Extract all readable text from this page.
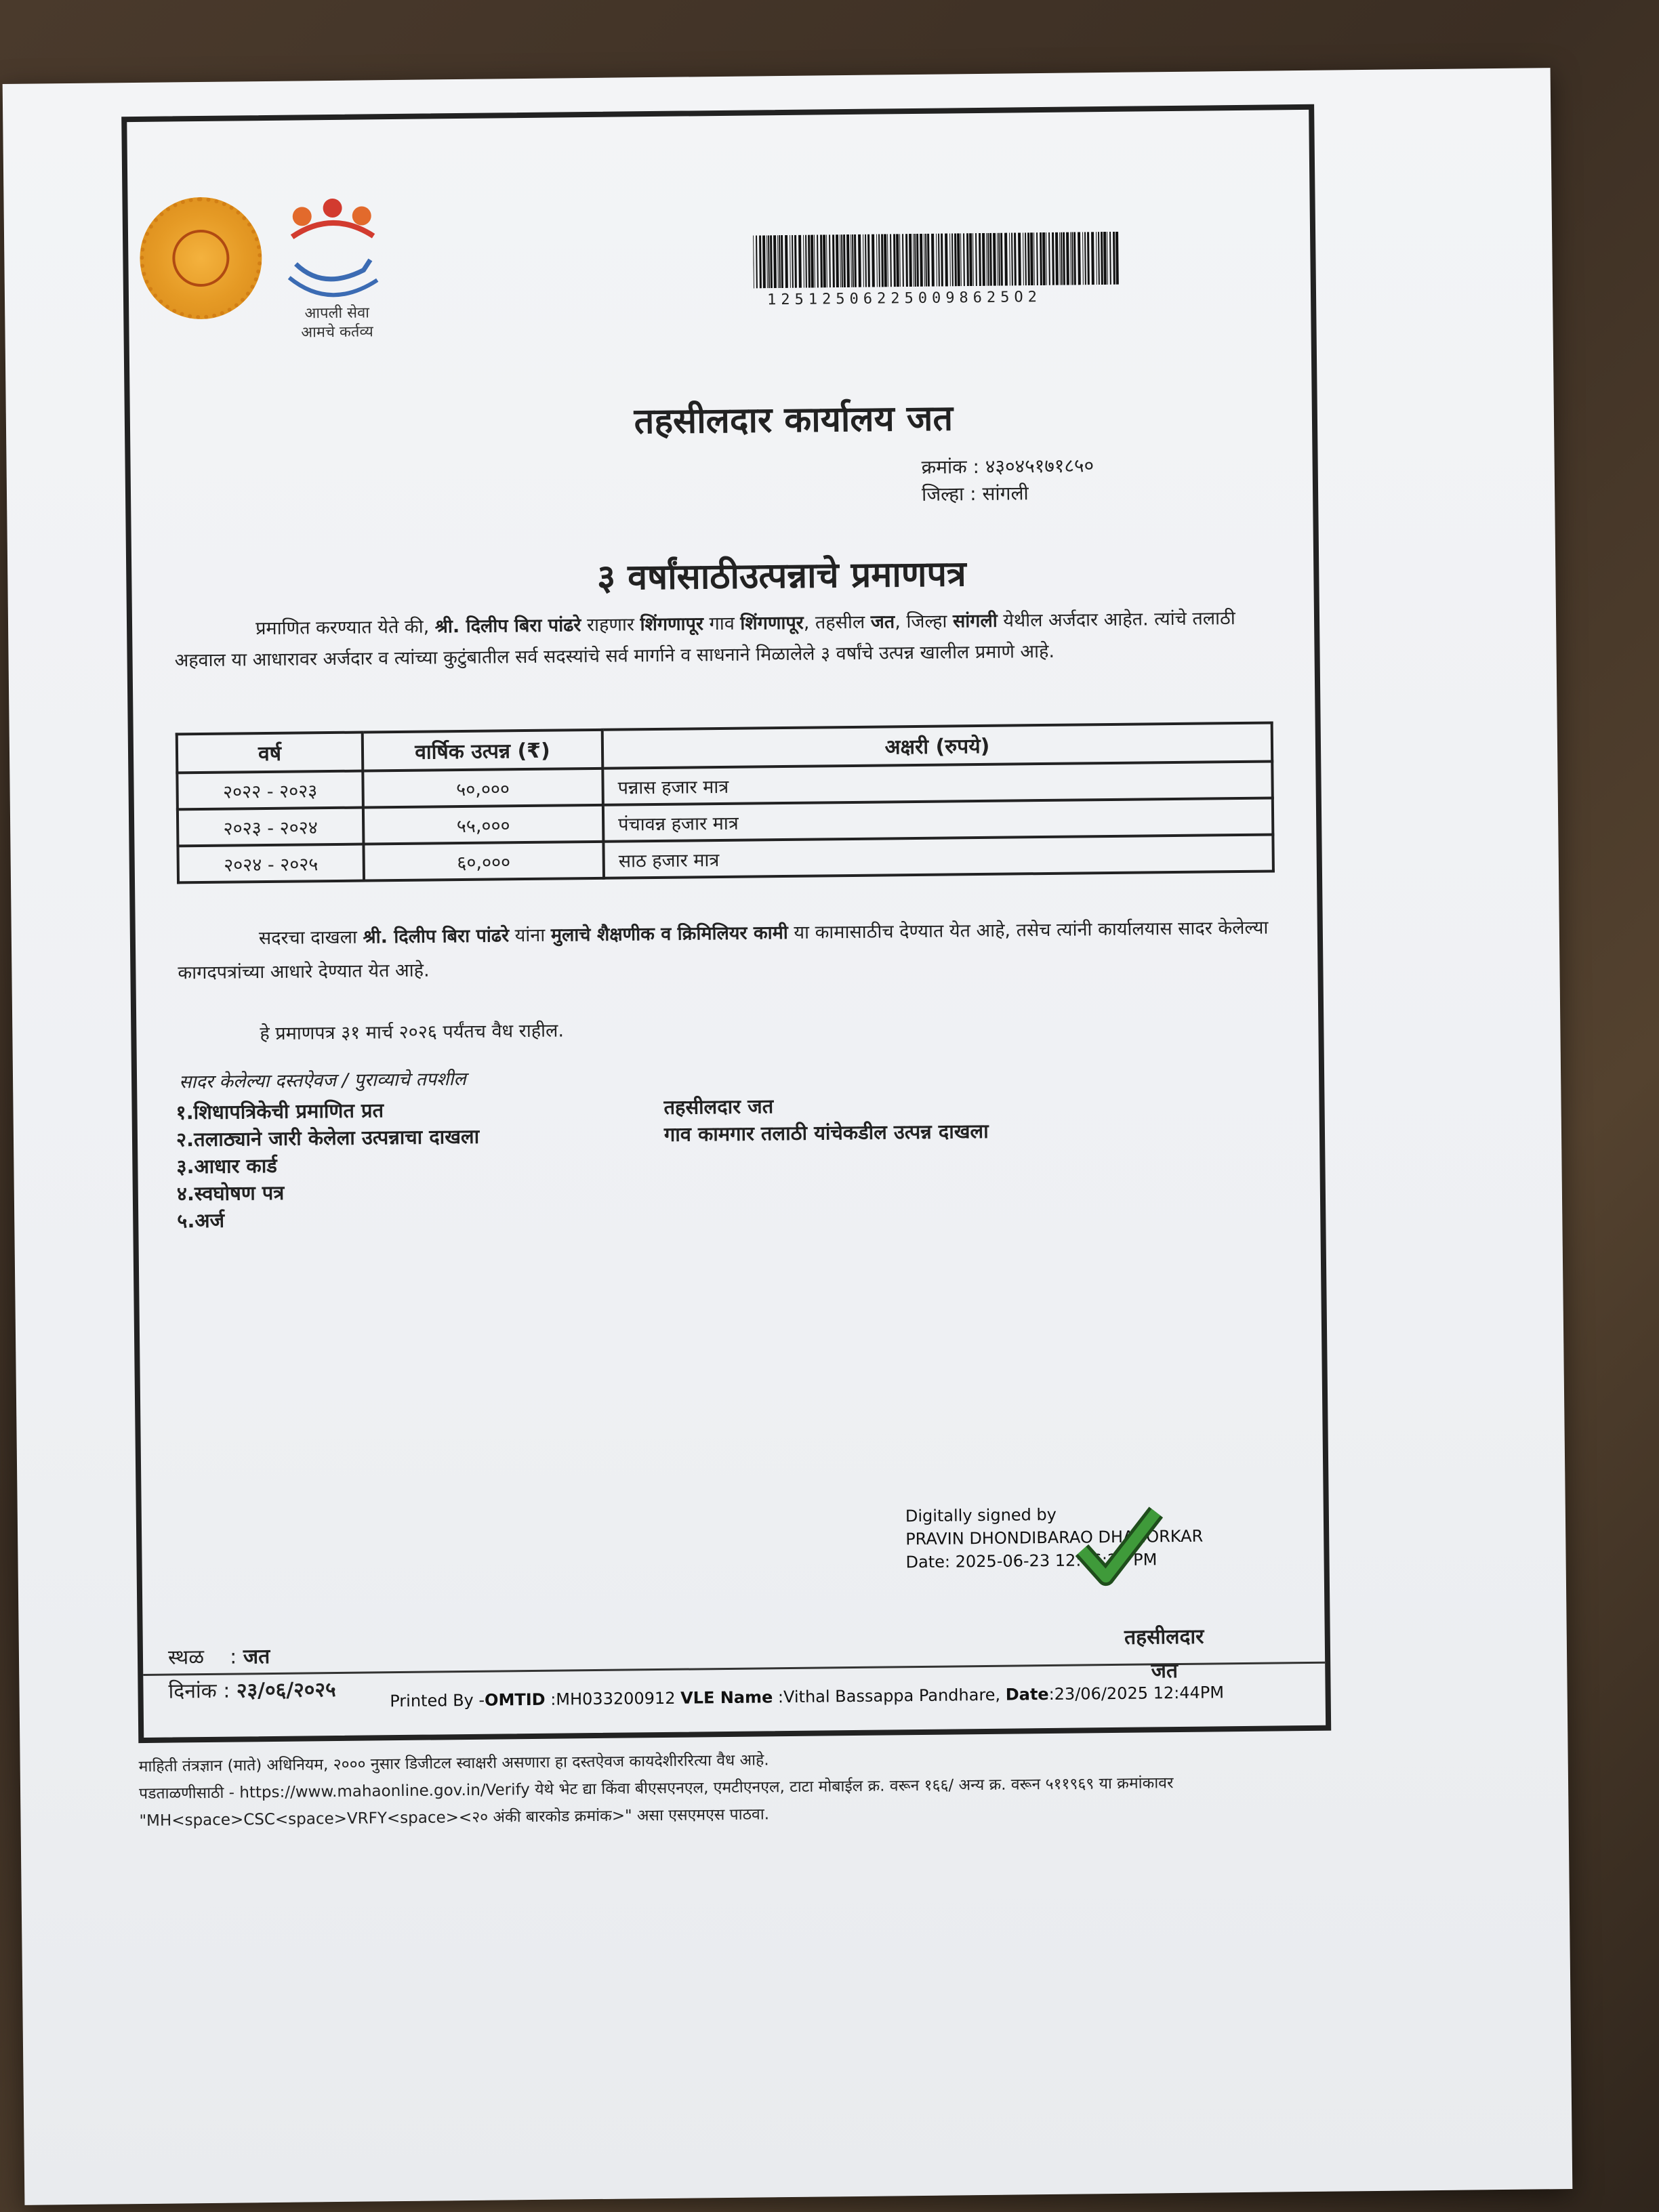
आपली सेवा
आमचे कर्तव्य
125125062250098625O2
तहसीलदार कार्यालय जत
क्रमांक : ४३०४५१७१८५०
जिल्हा : सांगली
३ वर्षांसाठीउत्पन्नाचे प्रमाणपत्र
प्रमाणित करण्यात येते की, श्री. दिलीप बिरा पांढरे राहणार शिंगणापूर गाव शिंगणापूर, तहसील जत, जिल्हा सांगली येथील अर्जदार आहेत. त्यांचे तलाठी अहवाल या आधारावर अर्जदार व त्यांच्या कुटुंबातील सर्व सदस्यांचे सर्व मार्गाने व साधनाने मिळालेले ३ वर्षांचे उत्पन्न खालील प्रमाणे आहे.
वर्ष	वार्षिक उत्पन्न (₹)	अक्षरी (रुपये)
२०२२ - २०२३	५०,०००	पन्नास हजार मात्र
२०२३ - २०२४	५५,०००	पंचावन्न हजार मात्र
२०२४ - २०२५	६०,०००	साठ हजार मात्र
सदरचा दाखला श्री. दिलीप बिरा पांढरे यांना मुलाचे शैक्षणीक व क्रिमिलियर कामी या कामासाठीच देण्यात येत आहे, तसेच त्यांनी कार्यालयास सादर केलेल्या कागदपत्रांच्या आधारे देण्यात येत आहे.
हे प्रमाणपत्र ३१ मार्च २०२६ पर्यंतच वैध राहील.
सादर केलेल्या दस्तऐवज / पुराव्याचे तपशील
१.शिधापत्रिकेची प्रमाणित प्रत
२.तलाठ्याने जारी केलेला उत्पन्नाचा दाखला
३.आधार कार्ड
४.स्वघोषण पत्र
५.अर्ज
तहसीलदार जत
गाव कामगार तलाठी यांचेकडील उत्पन्न दाखला
Digitally signed by
PRAVIN DHONDIBARAO DHANORKAR
Date: 2025-06-23 12:46:27 PM
तहसीलदार
जत
स्थळ    : जत
दिनांक : २३/०६/२०२५	Printed By -OMTID :MH033200912 VLE Name :Vithal Bassappa Pandhare, Date:23/06/2025 12:44PM
माहिती तंत्रज्ञान (माते) अधिनियम, २००० नुसार डिजीटल स्वाक्षरी असणारा हा दस्तऐवज कायदेशीररित्या वैध आहे.
पडताळणीसाठी - https://www.mahaonline.gov.in/Verify येथे भेट द्या किंवा बीएसएनएल, एमटीएनएल, टाटा मोबाईल क्र. वरून १६६/ अन्य क्र. वरून ५११९६९ या क्रमांकावर
"MH<space>CSC<space>VRFY<space><२० अंकी बारकोड क्रमांक>" असा एसएमएस पाठवा.
